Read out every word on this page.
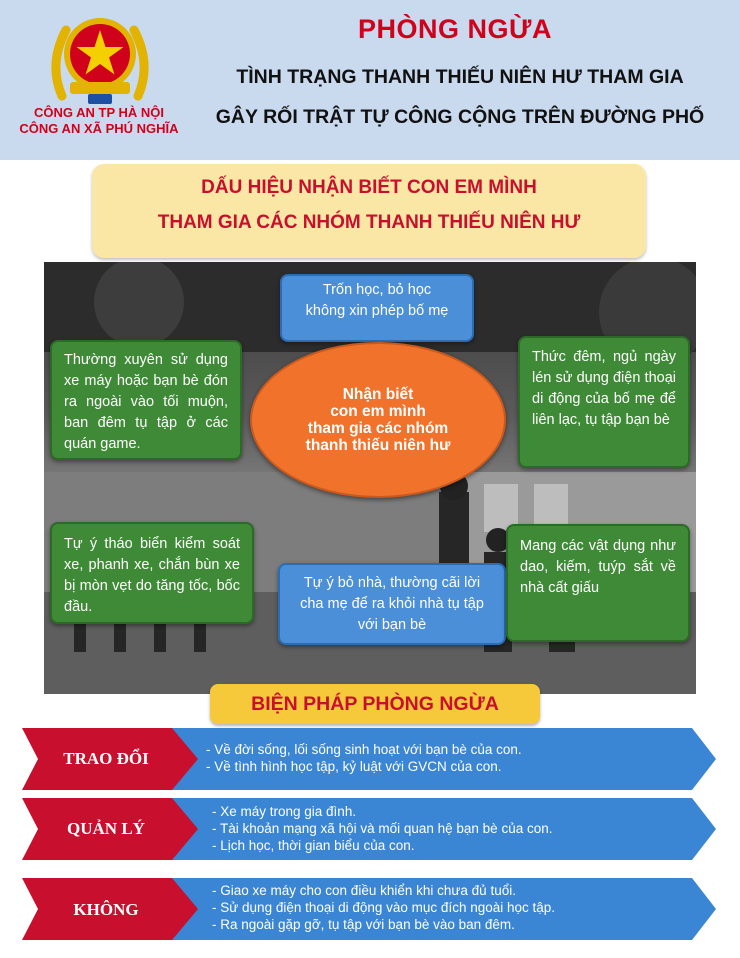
CÔNG AN TP HÀ NỘI
CÔNG AN XÃ PHÚ NGHĨA
PHÒNG NGỪA
TÌNH TRẠNG THANH THIẾU NIÊN HƯ THAM GIA
GÂY RỐI TRẬT TỰ CÔNG CỘNG TRÊN ĐƯỜNG PHỐ
DẤU HIỆU NHẬN BIẾT CON EM MÌNH
THAM GIA CÁC NHÓM THANH THIẾU NIÊN HƯ
Trốn học, bỏ học
không xin phép bố mẹ
Thường xuyên sử dụng xe máy hoặc bạn bè đón ra ngoài vào tối muộn, ban đêm tụ tập ở các quán game.
Thức đêm, ngủ ngày lén sử dụng điện thoại di động của bố mẹ để liên lạc, tụ tập bạn bè
Nhận biết
con em mình
tham gia các nhóm
thanh thiếu niên hư
Tự ý tháo biển kiểm soát xe, phanh xe, chắn bùn xe bị mòn vẹt do tăng tốc, bốc đầu.
Tự ý bỏ nhà, thường cãi lời
cha mẹ để ra khỏi nhà tụ tập
với bạn bè
Mang các vật dụng như dao, kiếm, tuýp sắt về nhà cất giấu
BIỆN PHÁP PHÒNG NGỪA
TRAO ĐỔI	- Về đời sống, lối sống sinh hoạt với bạn bè của con.
- Về tình hình học tập, kỷ luật với GVCN của con.
QUẢN LÝ
- Xe máy trong gia đình.
- Tài khoản mạng xã hội và mối quan hệ bạn bè của con.
- Lịch học, thời gian biểu của con.
KHÔNG
- Giao xe máy cho con điều khiển khi chưa đủ tuổi.
- Sử dụng điện thoại di động vào mục đích ngoài học tập.
- Ra ngoài gặp gỡ, tụ tập với bạn bè vào ban đêm.
